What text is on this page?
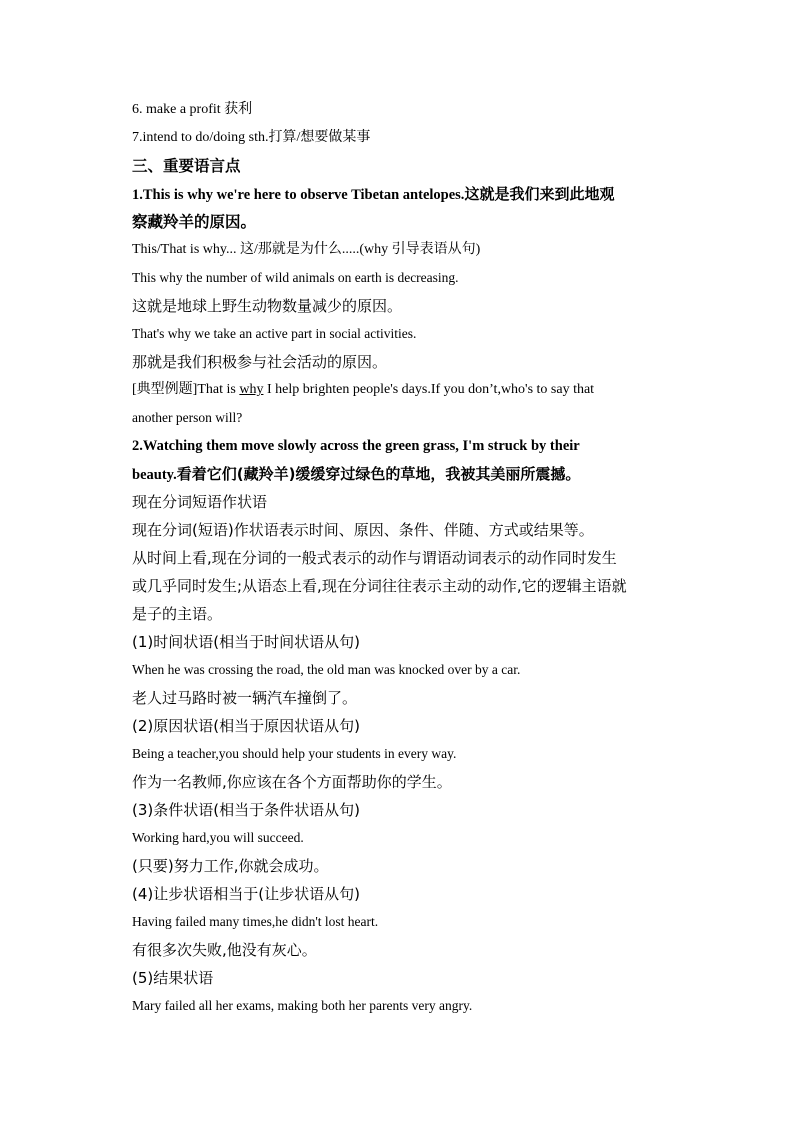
6. make a profit 获利

7.intend to do/doing sth.打算/想要做某事

三、重要语言点

1.This is why we're here to observe Tibetan antelopes.这就是我们来到此地观

察藏羚羊的原因。

This/That is why... 这/那就是为什么.....(why 引导表语从句)

This why the number of wild animals on earth is decreasing.

这就是地球上野生动物数量减少的原因。

That's why we take an active part in social activities.

那就是我们积极参与社会活动的原因。

[典型例题]That is why I help brighten people's days.If you don’t,who's to say that

another person will?

2.Watching them move slowly across the green grass, I'm struck by their

beauty.看着它们(藏羚羊)缓缓穿过绿色的草地，我被其美丽所震撼。

现在分词短语作状语

现在分词(短语)作状语表示时间、原因、条件、伴随、方式或结果等。

从时间上看,现在分词的一般式表示的动作与谓语动词表示的动作同时发生

或几乎同时发生;从语态上看,现在分词往往表示主动的动作,它的逻辑主语就

是子的主语。

(1)时间状语(相当于时间状语从句)

When he was crossing the road, the old man was knocked over by a car.

老人过马路时被一辆汽车撞倒了。

(2)原因状语(相当于原因状语从句)

Being a teacher,you should help your students in every way.

作为一名教师,你应该在各个方面帮助你的学生。

(3)条件状语(相当于条件状语从句)

Working hard,you will succeed.

(只要)努力工作,你就会成功。

(4)让步状语相当于(让步状语从句)

Having failed many times,he didn't lost heart.

有很多次失败,他没有灰心。

(5)结果状语

Mary failed all her exams, making both her parents very angry.
